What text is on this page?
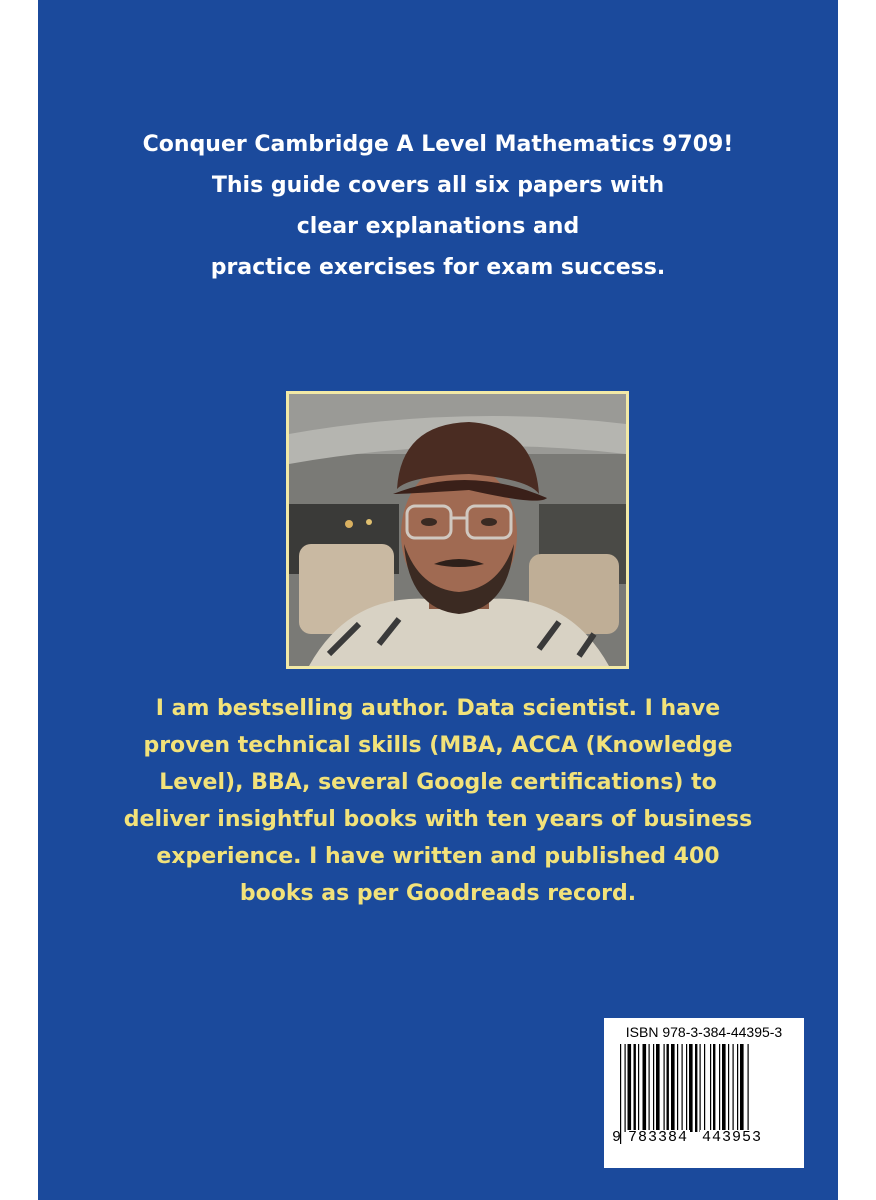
Conquer Cambridge A Level Mathematics 9709!
This guide covers all six papers with
clear explanations and
practice exercises for exam success.
I am bestselling author. Data scientist. I have
proven technical skills (MBA, ACCA (Knowledge
Level), BBA, several Google certifications) to
deliver insightful books with ten years of business
experience. I have written and published 400
books as per Goodreads record.
ISBN 978-3-384-44395-3
9 783384 443953
